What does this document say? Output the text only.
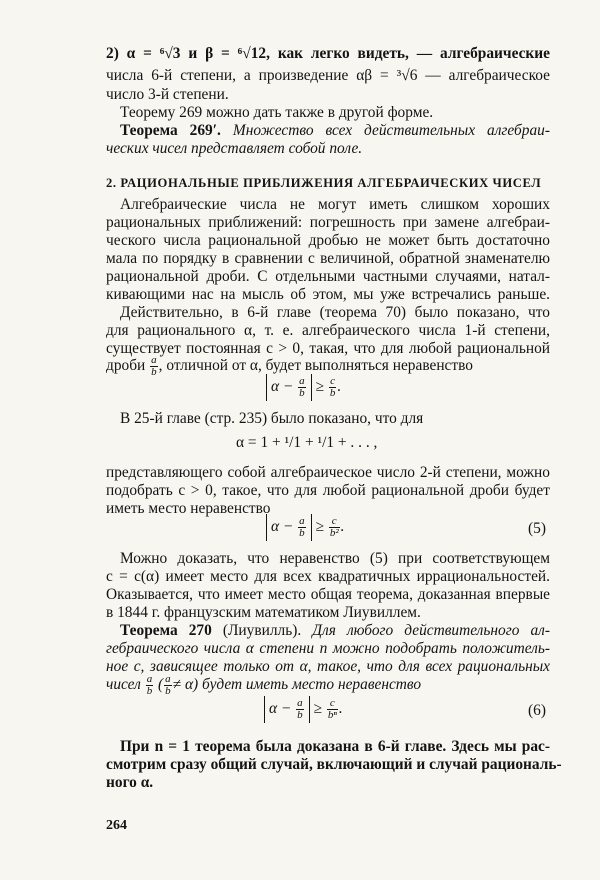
2) α = ⁶√3 и β = ⁶√12, как легко видеть, — алгебраические
числа 6-й степени, а произведение αβ = ³√6 — алгебраическое
число 3-й степени.
Теорему 269 можно дать также в другой форме.
Теорема 269′. Множество всех действительных алгебраи-
ческих чисел представляет собой поле.
2. РАЦИОНАЛЬНЫЕ ПРИБЛИЖЕНИЯ АЛГЕБРАИЧЕСКИХ ЧИСЕЛ
Алгебраические числа не могут иметь слишком хороших
рациональных приближений: погрешность при замене алгебраи-
ческого числа рациональной дробью не может быть достаточно
мала по порядку в сравнении с величиной, обратной знаменателю
рациональной дроби. С отдельными частными случаями, натал-
кивающими нас на мысль об этом, мы уже встречались раньше.
Действительно, в 6-й главе (теорема 70) было показано, что
для рационального α, т. е. алгебраического числа 1-й степени,
существует постоянная c > 0, такая, что для любой рациональной
дроби $\frac{a}{b}$ , отличной от α, будет выполняться неравенство
$\alpha - \frac{a}{b} \ge \frac{c}{b}$ .
В 25-й главе (стр. 235) было показано, что для
α = 1 + ¹/1 + ¹/1 + . . . ,
представляющего собой алгебраическое число 2-й степени, можно
подобрать c > 0, такое, что для любой рациональной дроби будет
иметь место неравенство
$\alpha - \frac{a}{b} \ge \frac{c}{\text{b²}}$ .	(5)
Можно доказать, что неравенство (5) при соответствующем
c = c(α) имеет место для всех квадратичных иррациональностей.
Оказывается, что имеет место общая теорема, доказанная впервые
в 1844 г. французским математиком Лиувиллем.
Теорема 270 (Лиувилль). Для любого действительного ал-
гебраического числа α степени n можно подобрать положитель-
ное c, зависящее только от α, такое, что для всех рациональных
чисел $\frac{a}{b}$ ( $\frac{a}{b} \ne \alpha$) будет иметь место неравенство
$\alpha - \frac{a}{b} \ge \frac{c}{\text{bⁿ}}$ .	(6)
При n = 1 теорема была доказана в 6-й главе. Здесь мы рас-
смотрим сразу общий случай, включающий и случай рациональ-
ного α.
264
